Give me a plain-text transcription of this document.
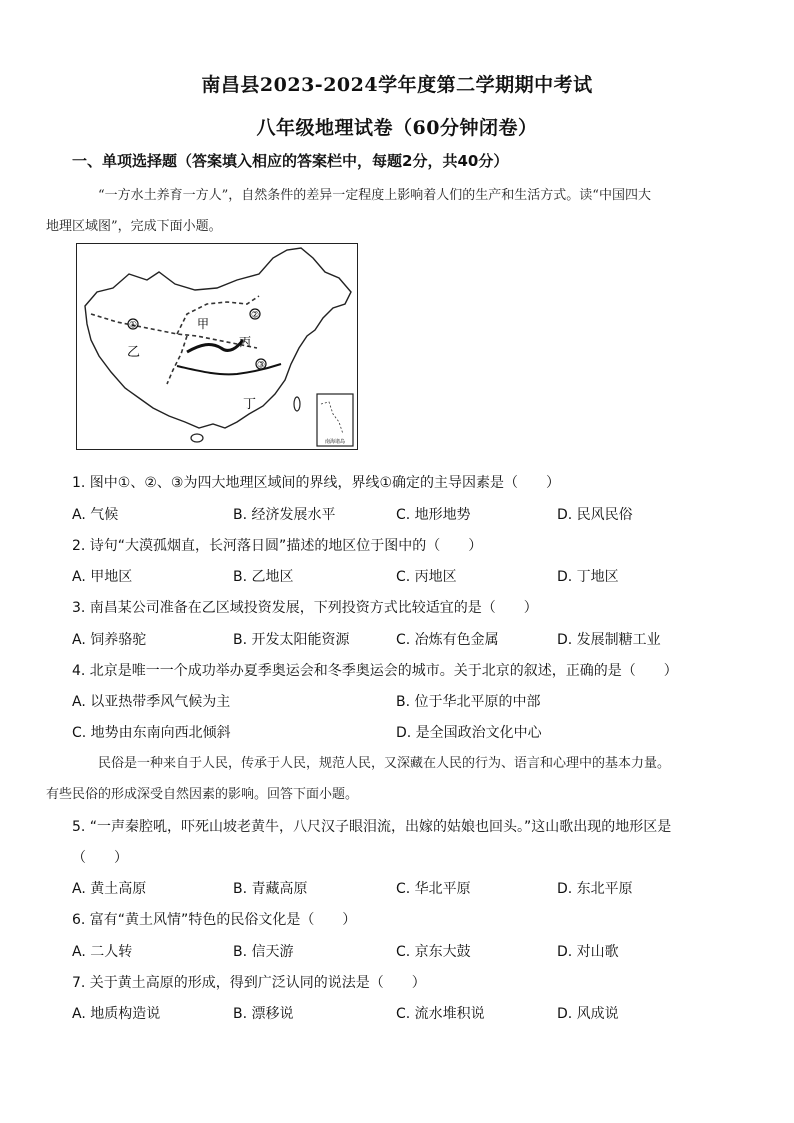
南昌县2023-2024学年度第二学期期中考试
八年级地理试卷（60分钟闭卷）
一、单项选择题（答案填入相应的答案栏中，每题2分，共40分）
“一方水土养育一方人”，自然条件的差异一定程度上影响着人们的生产和生活方式。读“中国四大
地理区域图”，完成下面小题。
①
②
③
甲
乙
丙
丁
南海诸岛
1. 图中①、②、③为四大地理区域间的界线，界线①确定的主导因素是（　　）
A. 气候	B. 经济发展水平	C. 地形地势	D. 民风民俗
2. 诗句“大漠孤烟直，长河落日圆”描述的地区位于图中的（　　）
A. 甲地区	B. 乙地区	C. 丙地区	D. 丁地区
3. 南昌某公司准备在乙区域投资发展，下列投资方式比较适宜的是（　　）
A. 饲养骆驼	B. 开发太阳能资源	C. 冶炼有色金属	D. 发展制糖工业
4. 北京是唯一一个成功举办夏季奥运会和冬季奥运会的城市。关于北京的叙述，正确的是（　　）
A. 以亚热带季风气候为主	B. 位于华北平原的中部
C. 地势由东南向西北倾斜	D. 是全国政治文化中心
民俗是一种来自于人民，传承于人民，规范人民，又深藏在人民的行为、语言和心理中的基本力量。
有些民俗的形成深受自然因素的影响。回答下面小题。
5. “一声秦腔吼，吓死山坡老黄牛，八尺汉子眼泪流，出嫁的姑娘也回头。”这山歌出现的地形区是
（　　）
A. 黄土高原	B. 青藏高原	C. 华北平原	D. 东北平原
6. 富有“黄土风情”特色的民俗文化是（　　）
A. 二人转	B. 信天游	C. 京东大鼓	D. 对山歌
7. 关于黄土高原的形成，得到广泛认同的说法是（　　）
A. 地质构造说	B. 漂移说	C. 流水堆积说	D. 风成说
